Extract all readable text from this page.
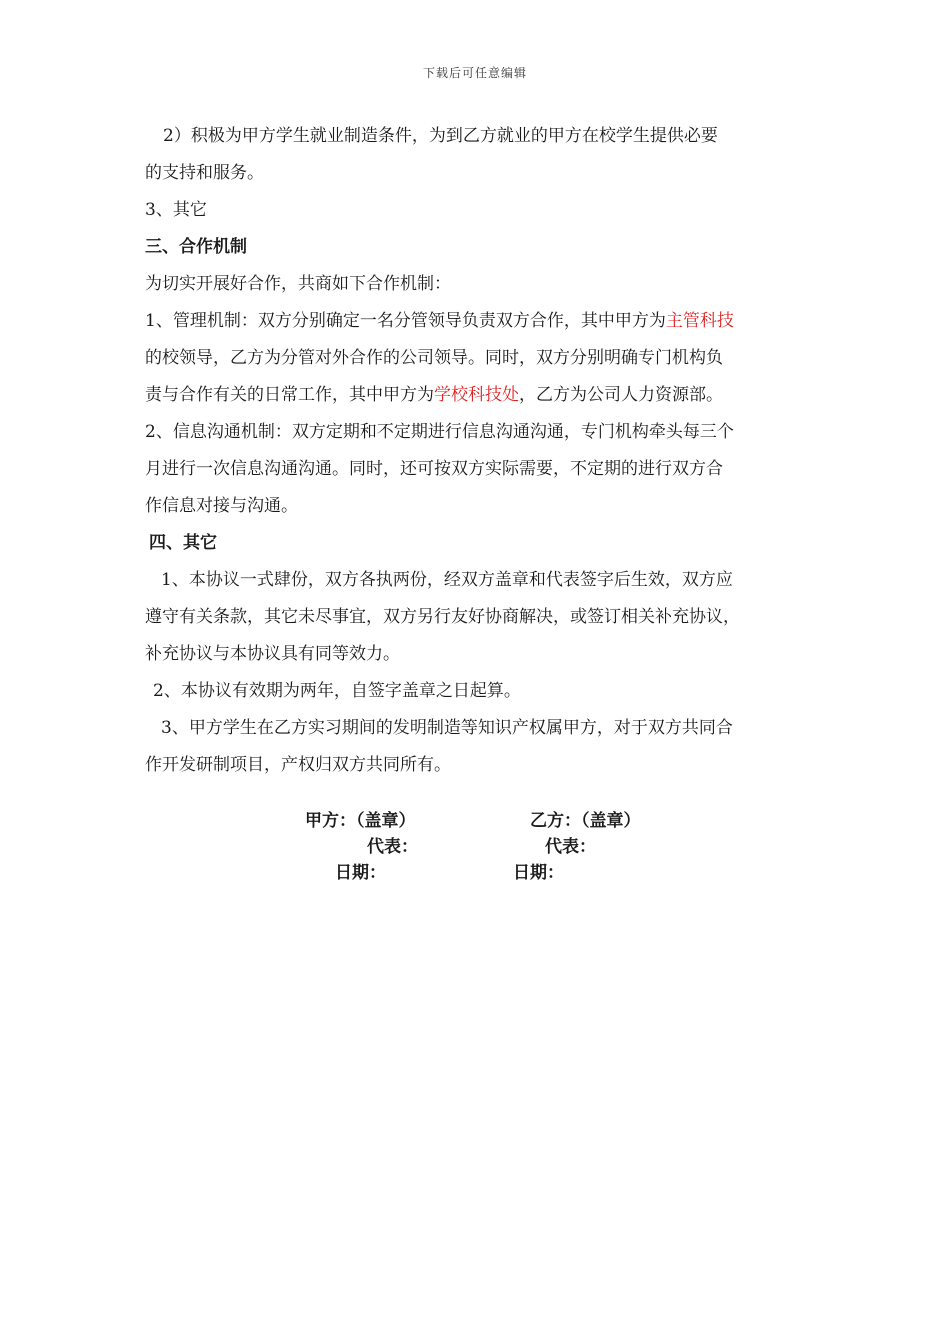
下载后可任意编辑
2）积极为甲方学生就业制造条件，为到乙方就业的甲方在校学生提供必要
的支持和服务。
3、其它
三、合作机制
为切实开展好合作，共商如下合作机制：
1、管理机制：双方分别确定一名分管领导负责双方合作，其中甲方为主管科技
的校领导，乙方为分管对外合作的公司领导。同时，双方分别明确专门机构负
责与合作有关的日常工作，其中甲方为学校科技处，乙方为公司人力资源部。
2、信息沟通机制：双方定期和不定期进行信息沟通沟通，专门机构牵头每三个
月进行一次信息沟通沟通。同时，还可按双方实际需要，不定期的进行双方合
作信息对接与沟通。
四、其它
1、本协议一式肆份，双方各执两份，经双方盖章和代表签字后生效，双方应
遵守有关条款，其它未尽事宜，双方另行友好协商解决，或签订相关补充协议，
补充协议与本协议具有同等效力。
2、本协议有效期为两年，自签字盖章之日起算。
3、甲方学生在乙方实习期间的发明制造等知识产权属甲方，对于双方共同合
作开发研制项目，产权归双方共同所有。
甲方：（盖章）	乙方：（盖章）
代表：	代表：
日期：	日期：
